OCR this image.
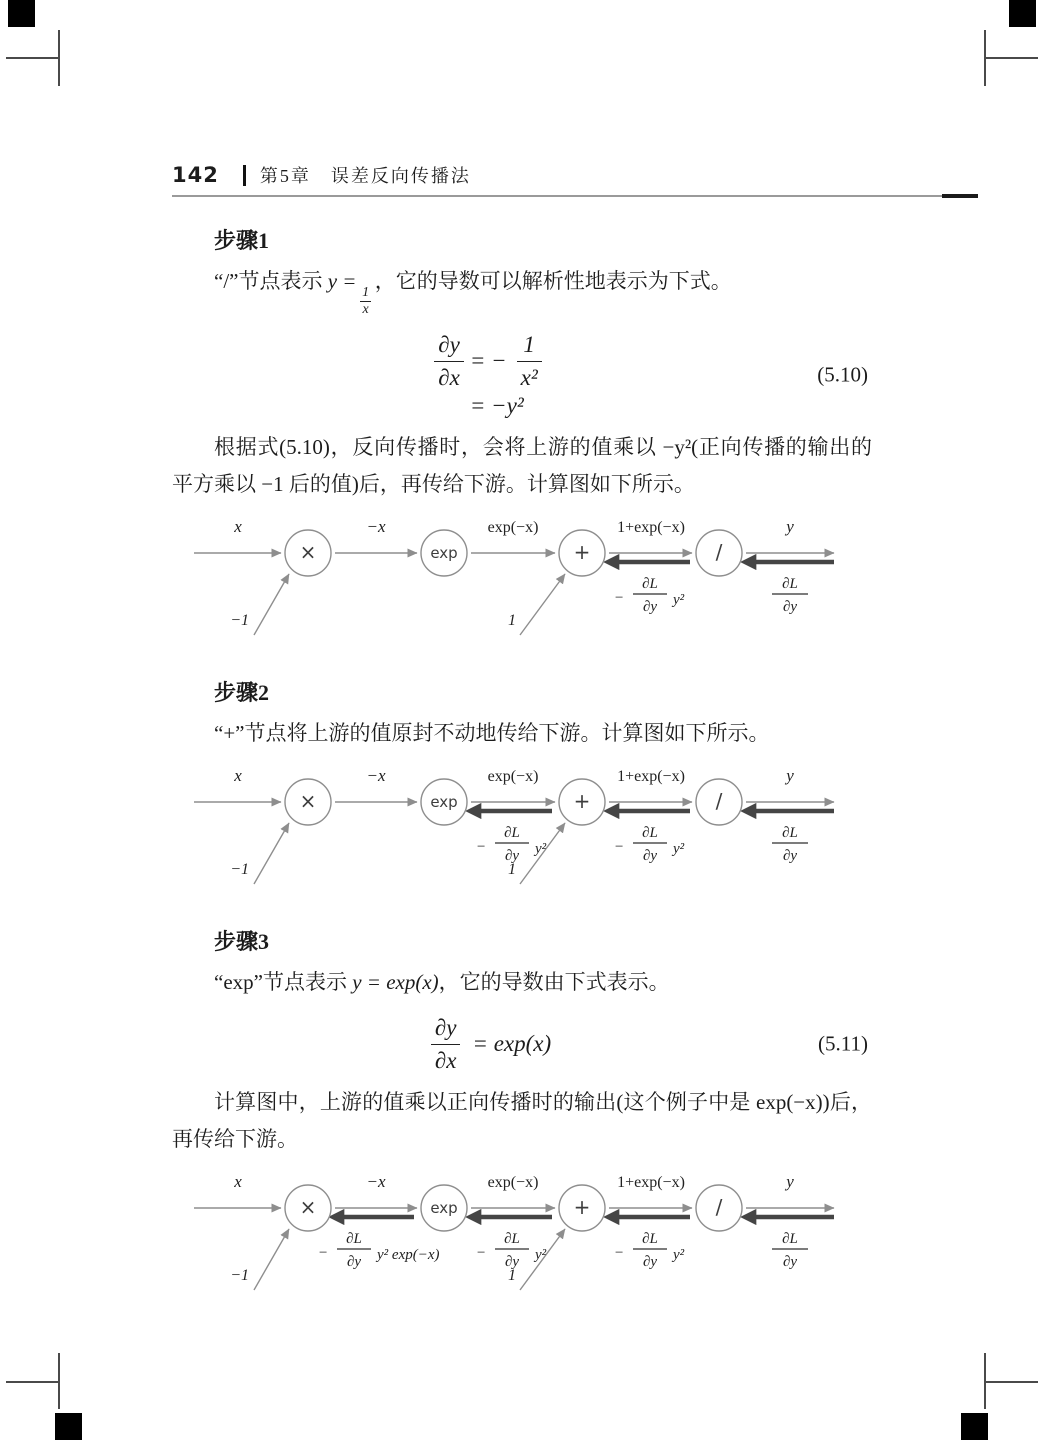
142 第5章　误差反向传播法
步骤1

“/”节点表示 y =
$\frac{1}{x}$
，它的导数可以解析性地表示为下式。

$\frac{\partial y}{\partial x}$ = − $\frac{1}{\text{x²}}$
= −y²
(5.10)

根据式(5.10)，反向传播时，会将上游的值乘以 −y²(正向传播的输出的平方乘以 −1 后的值)后，再传给下游。计算图如下所示。

×	exp	+	/
x	−x	exp(−x)	1+exp(−x)	y
−1	1
∂L
∂y
−
∂L
∂y y²
步骤2

“+”节点将上游的值原封不动地传给下游。计算图如下所示。

×	exp	+	/
x	−x	exp(−x)	1+exp(−x)	y
−1	1
∂L
∂y
−
∂L
∂y y²
−
∂L
∂y y²
步骤3

“exp”节点表示 y = exp(x)，它的导数由下式表示。

$\frac{\partial y}{\partial x} = \exp(x)$	(5.11)

计算图中，上游的值乘以正向传播时的输出(这个例子中是 exp(−x))后，再传给下游。

×	exp	+	/
x	−x	exp(−x)	1+exp(−x)	y
−1	1
∂L
∂y
−
∂L
∂y y²
−
∂L
∂y y²
−
∂L
∂y y² exp(−x)
